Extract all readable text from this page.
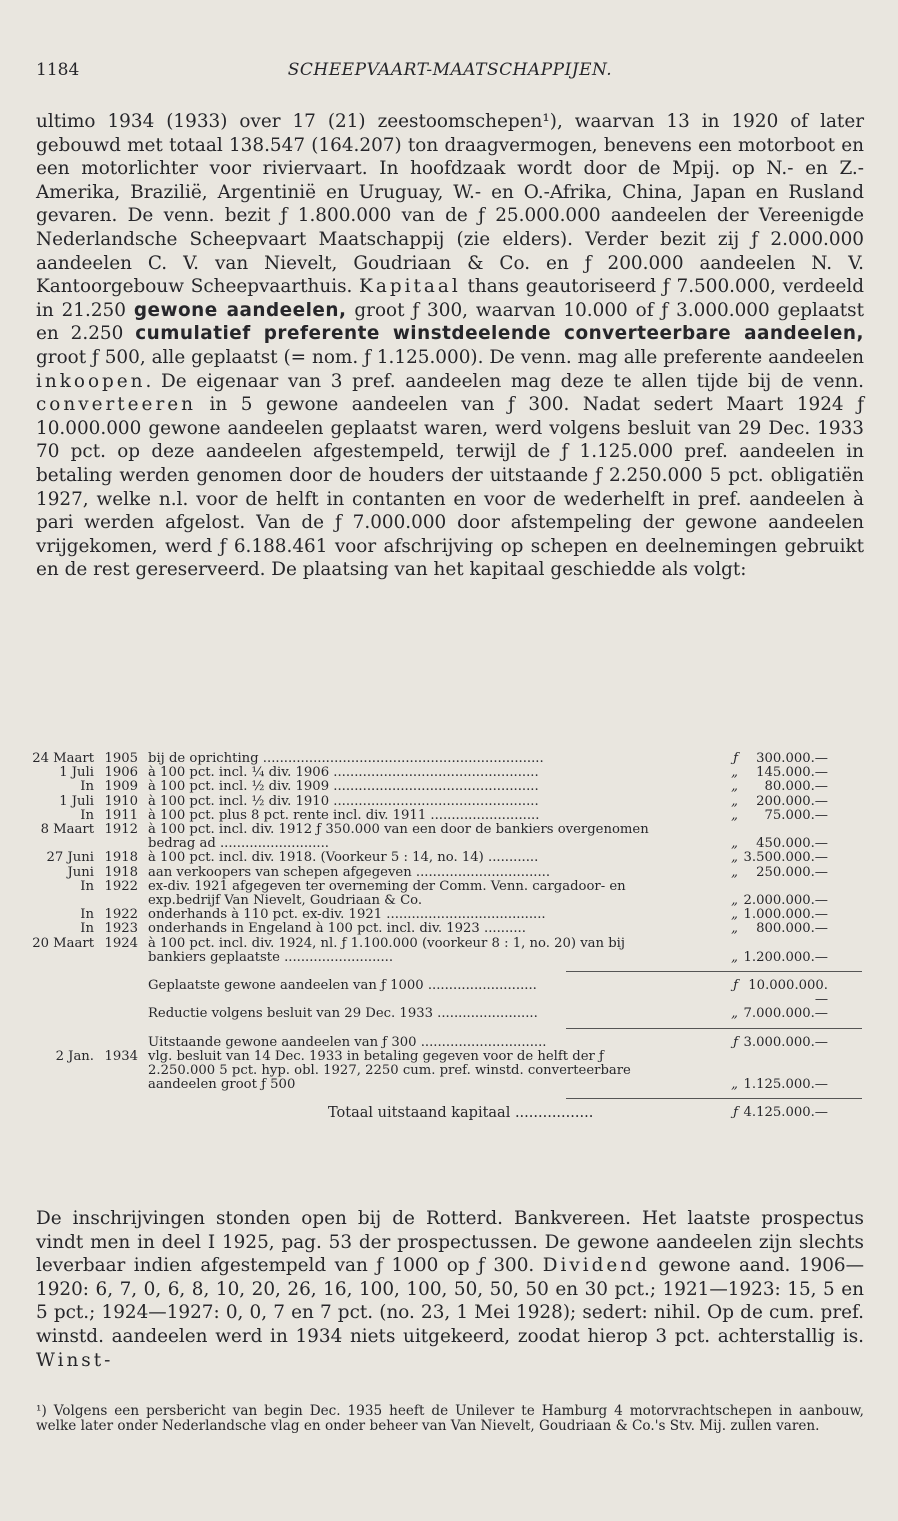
1184	SCHEEPVAART-MAATSCHAPPIJEN.

ultimo 1934 (1933) over 17 (21) zeestoomschepen¹), waarvan 13 in 1920 of later gebouwd met totaal 138.547 (164.207) ton draagvermogen, benevens een motorboot en een motorlichter voor riviervaart. In hoofdzaak wordt door de Mpij. op N.- en Z.-Amerika, Brazilië, Argentinië en Uruguay, W.- en O.-Afrika, China, Japan en Rusland gevaren. De venn. bezit ƒ 1.800.000 van de ƒ 25.000.000 aandeelen der Vereenigde Nederlandsche Scheepvaart Maatschappij (zie elders). Verder bezit zij ƒ 2.000.000 aandeelen C. V. van Nievelt, Goudriaan & Co. en ƒ 200.000 aandeelen N. V. Kantoorgebouw Scheepvaarthuis. Kapitaal thans geautoriseerd ƒ 7.500.000, verdeeld in 21.250 gewone aandeelen, groot ƒ 300, waarvan 10.000 of ƒ 3.000.000 geplaatst en 2.250 cumulatief preferente winstdeelende converteerbare aandeelen, groot ƒ 500, alle geplaatst (= nom. ƒ 1.125.000). De venn. mag alle preferente aandeelen inkoopen. De eigenaar van 3 pref. aandeelen mag deze te allen tijde bij de venn. converteeren in 5 gewone aandeelen van ƒ 300. Nadat sedert Maart 1924 ƒ 10.000.000 gewone aandeelen geplaatst waren, werd volgens besluit van 29 Dec. 1933 70 pct. op deze aandeelen afgestempeld, terwijl de ƒ 1.125.000 pref. aandeelen in betaling werden genomen door de houders der uitstaande ƒ 2.250.000 5 pct. obligatiën 1927, welke n.l. voor de helft in contanten en voor de wederhelft in pref. aandeelen à pari werden afgelost. Van de ƒ 7.000.000 door afstempeling der gewone aandeelen vrijgekomen, werd ƒ 6.188.461 voor afschrijving op schepen en deelnemingen gebruikt en de rest gereserveerd. De plaatsing van het kapitaal geschiedde als volgt:

24 Maart 1905 bij de oprichting ...................................................................	ƒ	300.000.—
1 Juli 1906 à 100 pct. incl. ¼ div. 1906 .................................................	„	145.000.—
In 1909 à 100 pct. incl. ½ div. 1909 .................................................	„	80.000.—
1 Juli 1910 à 100 pct. incl. ½ div. 1910 .................................................	„	200.000.—
In 1911 à 100 pct. plus 8 pct. rente incl. div. 1911 ..........................	„	75.000.—
8 Maart 1912 à 100 pct. incl. div. 1912 ƒ 350.000 van een door de bankiers overgenomen bedrag ad ..........................	„	450.000.—
27 Juni 1918 à 100 pct. incl. div. 1918. (Voorkeur 5 : 14, no. 14) ............	„ 3.500.000.—
Juni 1918 aan verkoopers van schepen afgegeven ................................	„	250.000.—
In 1922 ex-div. 1921 afgegeven ter overneming der Comm. Venn. cargadoor- en exp.bedrijf Van Nievelt, Goudriaan & Co.	„ 2.000.000.—
In 1922 onderhands à 110 pct. ex-div. 1921 ......................................	„ 1.000.000.—
In 1923 onderhands in Engeland à 100 pct. incl. div. 1923 ..........	„	800.000.—
20 Maart 1924 à 100 pct. incl. div. 1924, nl. ƒ 1.100.000 (voorkeur 8 : 1, no. 20) van bij bankiers geplaatste ..........................	„ 1.200.000.—
Geplaatste gewone aandeelen van ƒ 1000 ..........................	ƒ 10.000.000.—
Reductie volgens besluit van 29 Dec. 1933 ........................	„ 7.000.000.—
Uitstaande gewone aandeelen van ƒ 300 ..............................	ƒ 3.000.000.—
2 Jan. 1934 vlg. besluit van 14 Dec. 1933 in betaling gegeven voor de helft der ƒ 2.250.000 5 pct. hyp. obl. 1927, 2250 cum. pref. winstd. converteerbare aandeelen groot ƒ 500	„ 1.125.000.—
Totaal uitstaand kapitaal .................	ƒ 4.125.000.—

De inschrijvingen stonden open bij de Rotterd. Bankvereen. Het laatste prospectus vindt men in deel I 1925, pag. 53 der prospectussen. De gewone aandeelen zijn slechts leverbaar indien afgestempeld van ƒ 1000 op ƒ 300. Dividend gewone aand. 1906—1920: 6, 7, 0, 6, 8, 10, 20, 26, 16, 100, 100, 50, 50, 50 en 30 pct.; 1921—1923: 15, 5 en 5 pct.; 1924—1927: 0, 0, 7 en 7 pct. (no. 23, 1 Mei 1928); sedert: nihil. Op de cum. pref. winstd. aandeelen werd in 1934 niets uitgekeerd, zoodat hierop 3 pct. achterstallig is. Winst-

¹) Volgens een persbericht van begin Dec. 1935 heeft de Unilever te Hamburg 4 motorvrachtschepen in aanbouw, welke later onder Nederlandsche vlag en onder beheer van Van Nievelt, Goudriaan & Co.'s Stv. Mij. zullen varen.
